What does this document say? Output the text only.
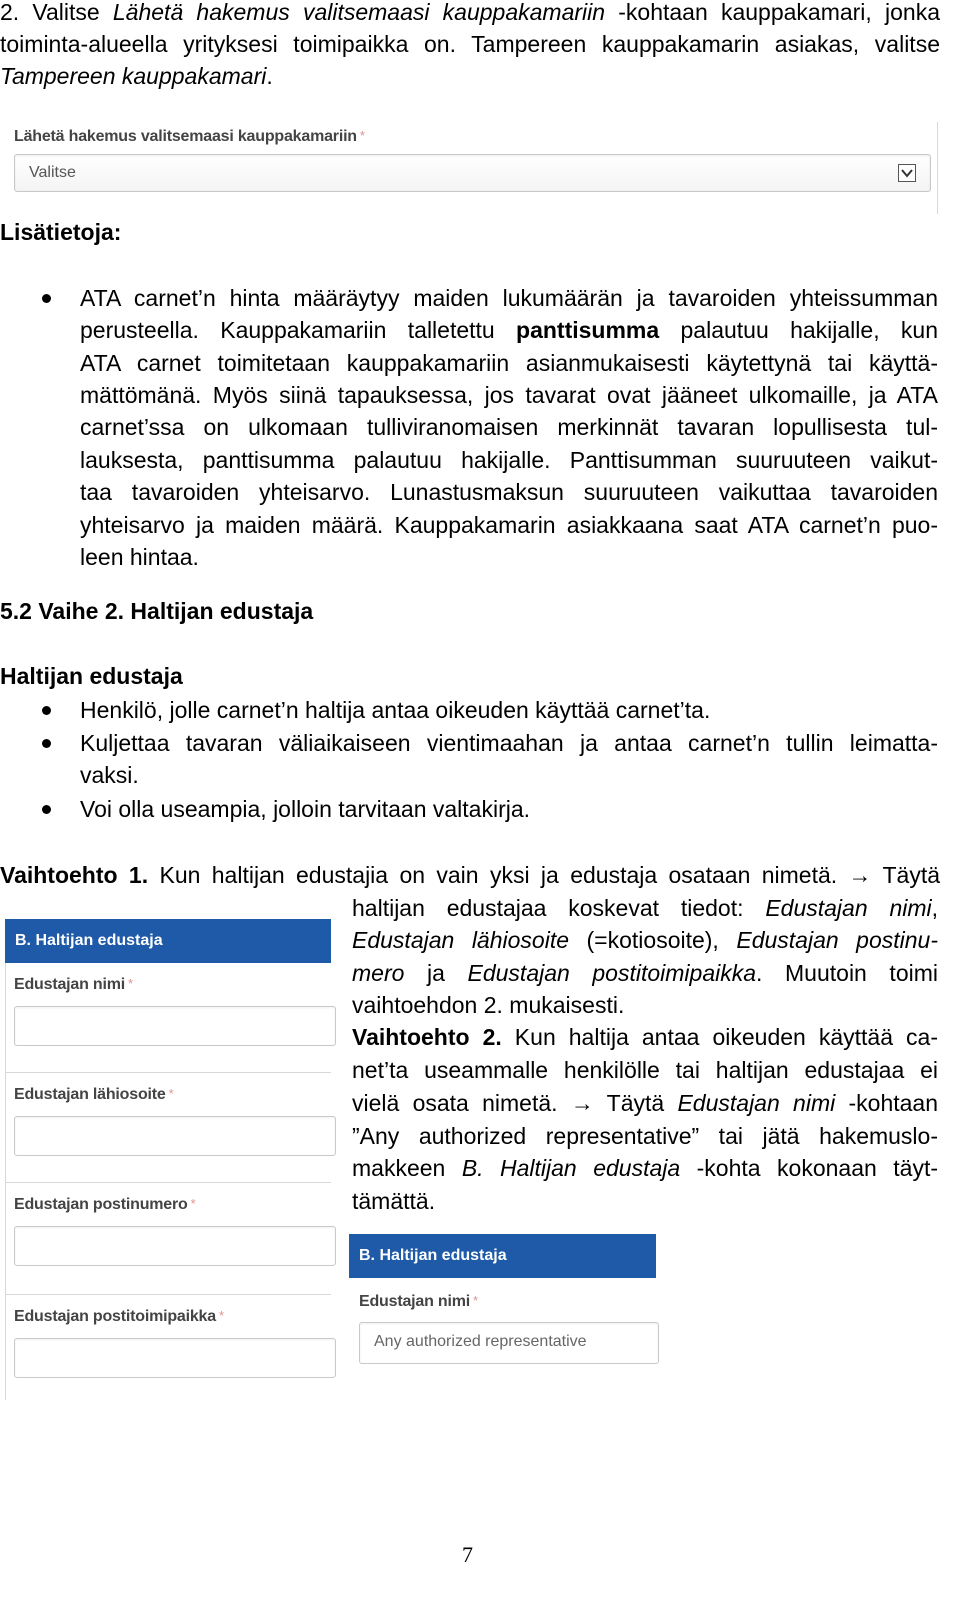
2. Valitse Lähetä hakemus valitsemaasi kauppakamariin -kohtaan kauppakamari, jonka

toiminta-alueella yrityksesi toimipaikka on. Tampereen kauppakamarin asiakas, valitse

Tampereen kauppakamari.

Lähetä hakemus valitsemaasi kauppakamariin *
Valitse

Lisätietoja:

ATA carnet’n hinta määräytyy maiden lukumäärän ja tavaroiden yhteissumman

perusteella. Kauppakamariin talletettu panttisumma palautuu hakijalle, kun

ATA carnet toimitetaan kauppakamariin asianmukaisesti käytettynä tai käyttä-

mättömänä. Myös siinä tapauksessa, jos tavarat ovat jääneet ulkomaille, ja ATA

carnet’ssa on ulkomaan tulliviranomaisen merkinnät tavaran lopullisesta tul-

lauksesta, panttisumma palautuu hakijalle. Panttisumman suuruuteen vaikut-

taa tavaroiden yhteisarvo. Lunastusmaksun suuruuteen vaikuttaa tavaroiden

yhteisarvo ja maiden määrä. Kauppakamarin asiakkaana saat ATA carnet’n puo-

leen hintaa.

5.2 Vaihe 2. Haltijan edustaja

Haltijan edustaja

Henkilö, jolle carnet’n haltija antaa oikeuden käyttää carnet’ta.

Kuljettaa tavaran väliaikaiseen vientimaahan ja antaa carnet’n tullin leimatta-

vaksi.

Voi olla useampia, jolloin tarvitaan valtakirja.

Vaihtoehto 1. Kun haltijan edustajia on vain yksi ja edustaja osataan nimetä. → Täytä

haltijan edustajaa koskevat tiedot: Edustajan nimi,

Edustajan lähiosoite (=kotiosoite), Edustajan postinu-

mero ja Edustajan postitoimipaikka. Muutoin toimi

vaihtoehdon 2. mukaisesti.

Vaihtoehto 2. Kun haltija antaa oikeuden käyttää ca-

net’ta useammalle henkilölle tai haltijan edustajaa ei

vielä osata nimetä. → Täytä Edustajan nimi -kohtaan

”Any authorized representative” tai jätä hakemuslo-

makkeen B. Haltijan edustaja -kohta kokonaan täyt-

tämättä.

B. Haltijan edustaja
Edustajan nimi *
Edustajan lähiosoite *
Edustajan postinumero *
Edustajan postitoimipaikka *
B. Haltijan edustaja
Edustajan nimi *
Any authorized representative
7
